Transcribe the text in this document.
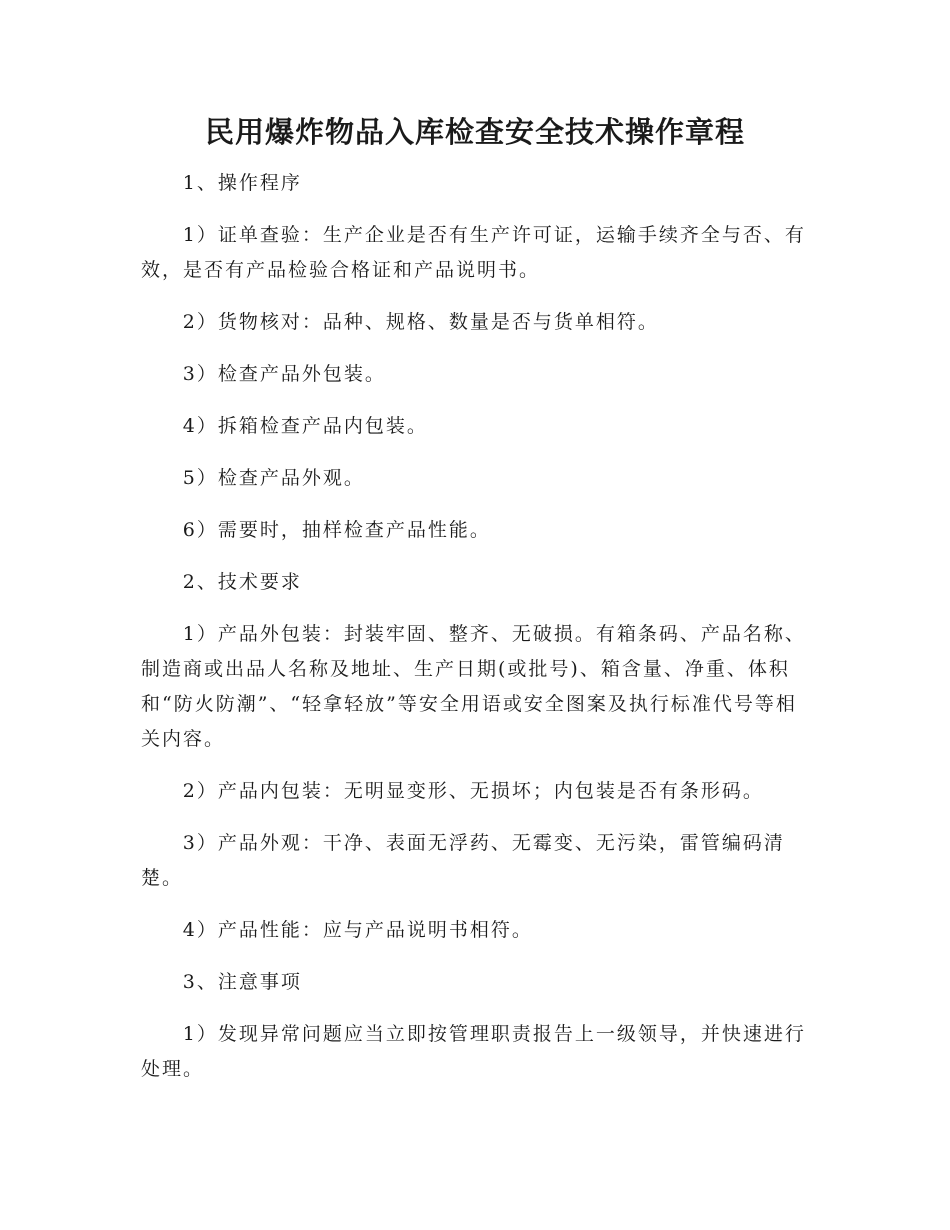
民用爆炸物品入库检查安全技术操作章程

1、操作程序

1）证单查验：生产企业是否有生产许可证，运输手续齐全与否、有效，是否有产品检验合格证和产品说明书。

2）货物核对：品种、规格、数量是否与货单相符。

3）检查产品外包装。

4）拆箱检查产品内包装。

5）检查产品外观。

6）需要时，抽样检查产品性能。

2、技术要求

1）产品外包装：封装牢固、整齐、无破损。有箱条码、产品名称、制造商或出品人名称及地址、生产日期(或批号)、箱含量、净重、体积和“防火防潮”、“轻拿轻放”等安全用语或安全图案及执行标准代号等相关内容。

2）产品内包装：无明显变形、无损坏；内包装是否有条形码。

3）产品外观：干净、表面无浮药、无霉变、无污染，雷管编码清楚。

4）产品性能：应与产品说明书相符。

3、注意事项

1）发现异常问题应当立即按管理职责报告上一级领导，并快速进行处理。
